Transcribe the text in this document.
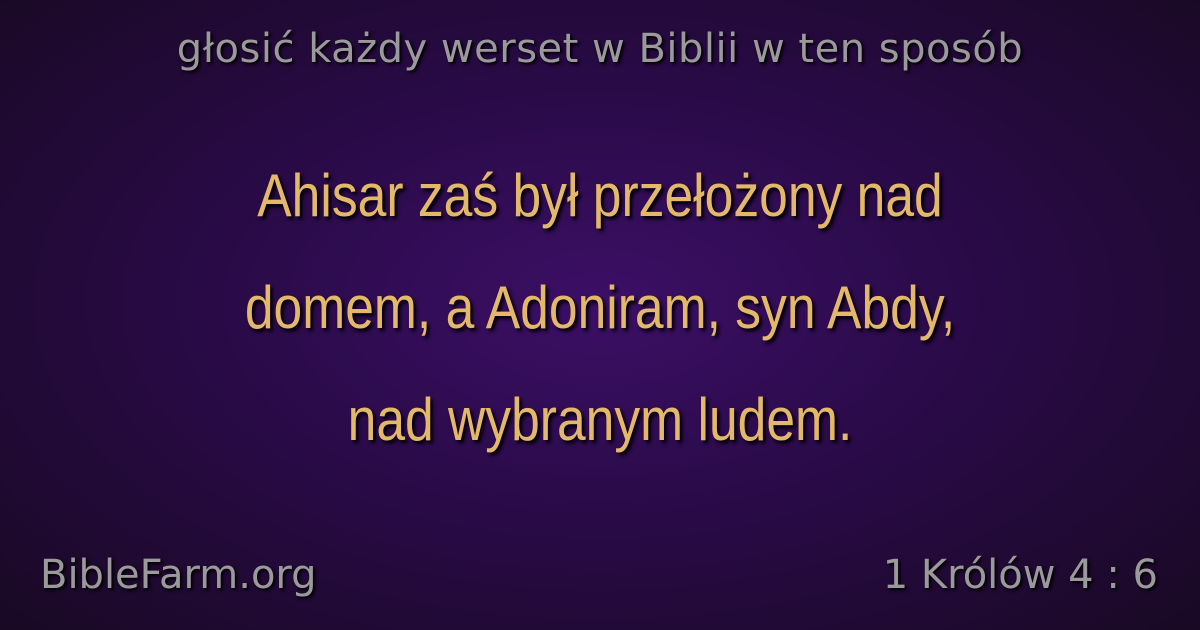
głosić każdy werset w Biblii w ten sposób
Ahisar zaś był przełożony nad
domem, a Adoniram, syn Abdy,
nad wybranym ludem.
BibleFarm.org	1 Królów 4 : 6
